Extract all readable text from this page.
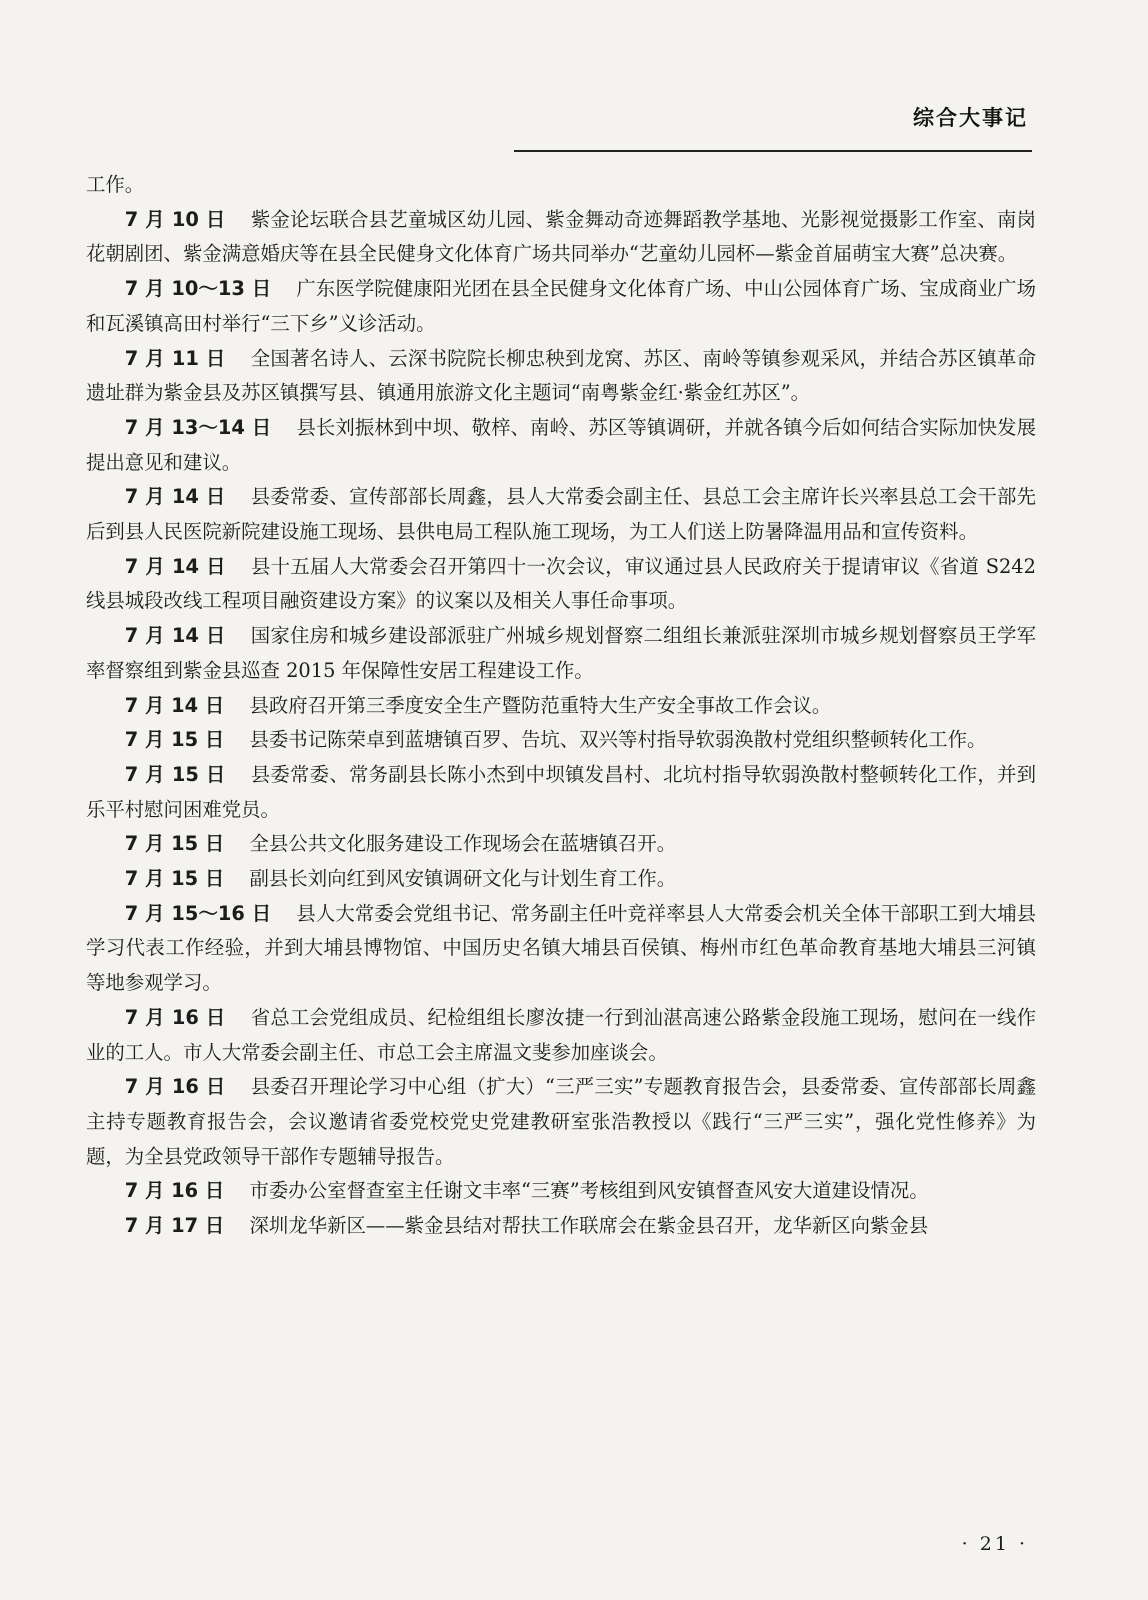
综合大事记

工作。

7 月 10 日 紫金论坛联合县艺童城区幼儿园、紫金舞动奇迹舞蹈教学基地、光影视觉摄影工作室、南岗花朝剧团、紫金满意婚庆等在县全民健身文化体育广场共同举办“艺童幼儿园杯—紫金首届萌宝大赛”总决赛。

7 月 10～13 日 广东医学院健康阳光团在县全民健身文化体育广场、中山公园体育广场、宝成商业广场和瓦溪镇高田村举行“三下乡”义诊活动。

7 月 11 日 全国著名诗人、云深书院院长柳忠秧到龙窝、苏区、南岭等镇参观采风，并结合苏区镇革命遗址群为紫金县及苏区镇撰写县、镇通用旅游文化主题词“南粤紫金红·紫金红苏区”。

7 月 13～14 日 县长刘振林到中坝、敬梓、南岭、苏区等镇调研，并就各镇今后如何结合实际加快发展提出意见和建议。

7 月 14 日 县委常委、宣传部部长周鑫，县人大常委会副主任、县总工会主席许长兴率县总工会干部先后到县人民医院新院建设施工现场、县供电局工程队施工现场，为工人们送上防暑降温用品和宣传资料。

7 月 14 日 县十五届人大常委会召开第四十一次会议，审议通过县人民政府关于提请审议《省道 S242 线县城段改线工程项目融资建设方案》的议案以及相关人事任命事项。

7 月 14 日 国家住房和城乡建设部派驻广州城乡规划督察二组组长兼派驻深圳市城乡规划督察员王学军率督察组到紫金县巡查 2015 年保障性安居工程建设工作。

7 月 14 日 县政府召开第三季度安全生产暨防范重特大生产安全事故工作会议。

7 月 15 日 县委书记陈荣卓到蓝塘镇百罗、告坑、双兴等村指导软弱涣散村党组织整顿转化工作。

7 月 15 日 县委常委、常务副县长陈小杰到中坝镇发昌村、北坑村指导软弱涣散村整顿转化工作，并到乐平村慰问困难党员。

7 月 15 日 全县公共文化服务建设工作现场会在蓝塘镇召开。

7 月 15 日 副县长刘向红到风安镇调研文化与计划生育工作。

7 月 15～16 日 县人大常委会党组书记、常务副主任叶竞祥率县人大常委会机关全体干部职工到大埔县学习代表工作经验，并到大埔县博物馆、中国历史名镇大埔县百侯镇、梅州市红色革命教育基地大埔县三河镇等地参观学习。

7 月 16 日 省总工会党组成员、纪检组组长廖汝捷一行到汕湛高速公路紫金段施工现场，慰问在一线作业的工人。市人大常委会副主任、市总工会主席温文斐参加座谈会。

7 月 16 日 县委召开理论学习中心组（扩大）“三严三实”专题教育报告会，县委常委、宣传部部长周鑫主持专题教育报告会，会议邀请省委党校党史党建教研室张浩教授以《践行“三严三实”，强化党性修养》为题，为全县党政领导干部作专题辅导报告。

7 月 16 日 市委办公室督查室主任谢文丰率“三赛”考核组到风安镇督查风安大道建设情况。

7 月 17 日 深圳龙华新区——紫金县结对帮扶工作联席会在紫金县召开，龙华新区向紫金县

· 21 ·
